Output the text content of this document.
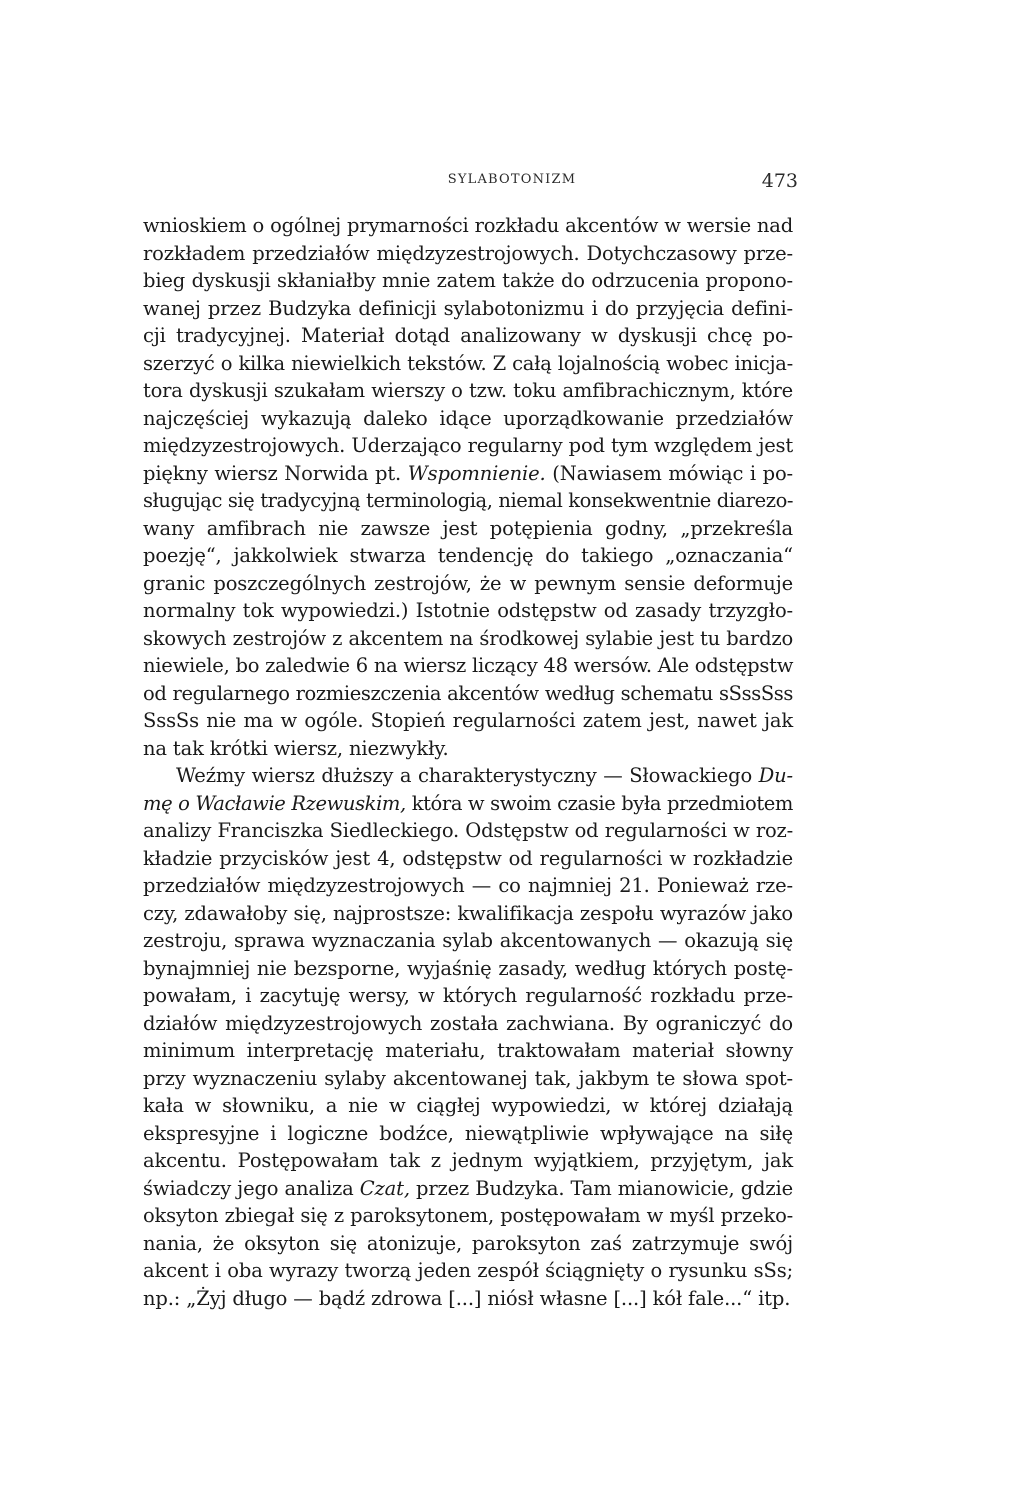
SYLABOTONIZM	473
wnioskiem o ogólnej prymarności rozkładu akcentów w wersie nad
rozkładem przedziałów międzyzestrojowych. Dotychczasowy prze-
bieg dyskusji skłaniałby mnie zatem także do odrzucenia propono-
wanej przez Budzyka definicji sylabotonizmu i do przyjęcia defini-
cji tradycyjnej. Materiał dotąd analizowany w dyskusji chcę po-
szerzyć o kilka niewielkich tekstów. Z całą lojalnością wobec inicja-
tora dyskusji szukałam wierszy o tzw. toku amfibrachicznym, które
najczęściej wykazują daleko idące uporządkowanie przedziałów
międzyzestrojowych. Uderzająco regularny pod tym względem jest
piękny wiersz Norwida pt. Wspomnienie. (Nawiasem mówiąc i po-
sługując się tradycyjną terminologią, niemal konsekwentnie diarezo-
wany amfibrach nie zawsze jest potępienia godny, „przekreśla
poezję“, jakkolwiek stwarza tendencję do takiego „oznaczania“
granic poszczególnych zestrojów, że w pewnym sensie deformuje
normalny tok wypowiedzi.) Istotnie odstępstw od zasady trzyzgło-
skowych zestrojów z akcentem na środkowej sylabie jest tu bardzo
niewiele, bo zaledwie 6 na wiersz liczący 48 wersów. Ale odstępstw
od regularnego rozmieszczenia akcentów według schematu sSssSss
SssSs nie ma w ogóle. Stopień regularności zatem jest, nawet jak
na tak krótki wiersz, niezwykły.
Weźmy wiersz dłuższy a charakterystyczny — Słowackiego Du-
mę o Wacławie Rzewuskim, która w swoim czasie była przedmiotem
analizy Franciszka Siedleckiego. Odstępstw od regularności w roz-
kładzie przycisków jest 4, odstępstw od regularności w rozkładzie
przedziałów międzyzestrojowych — co najmniej 21. Ponieważ rze-
czy, zdawałoby się, najprostsze: kwalifikacja zespołu wyrazów jako
zestroju, sprawa wyznaczania sylab akcentowanych — okazują się
bynajmniej nie bezsporne, wyjaśnię zasady, według których postę-
powałam, i zacytuję wersy, w których regularność rozkładu prze-
działów międzyzestrojowych została zachwiana. By ograniczyć do
minimum interpretację materiału, traktowałam materiał słowny
przy wyznaczeniu sylaby akcentowanej tak, jakbym te słowa spot-
kała w słowniku, a nie w ciągłej wypowiedzi, w której działają
ekspresyjne i logiczne bodźce, niewątpliwie wpływające na siłę
akcentu. Postępowałam tak z jednym wyjątkiem, przyjętym, jak
świadczy jego analiza Czat, przez Budzyka. Tam mianowicie, gdzie
oksyton zbiegał się z paroksytonem, postępowałam w myśl przeko-
nania, że oksyton się atonizuje, paroksyton zaś zatrzymuje swój
akcent i oba wyrazy tworzą jeden zespół ściągnięty o rysunku sSs;
np.: „Żyj długo — bądź zdrowa [...] niósł własne [...] kół fale...“ itp.
